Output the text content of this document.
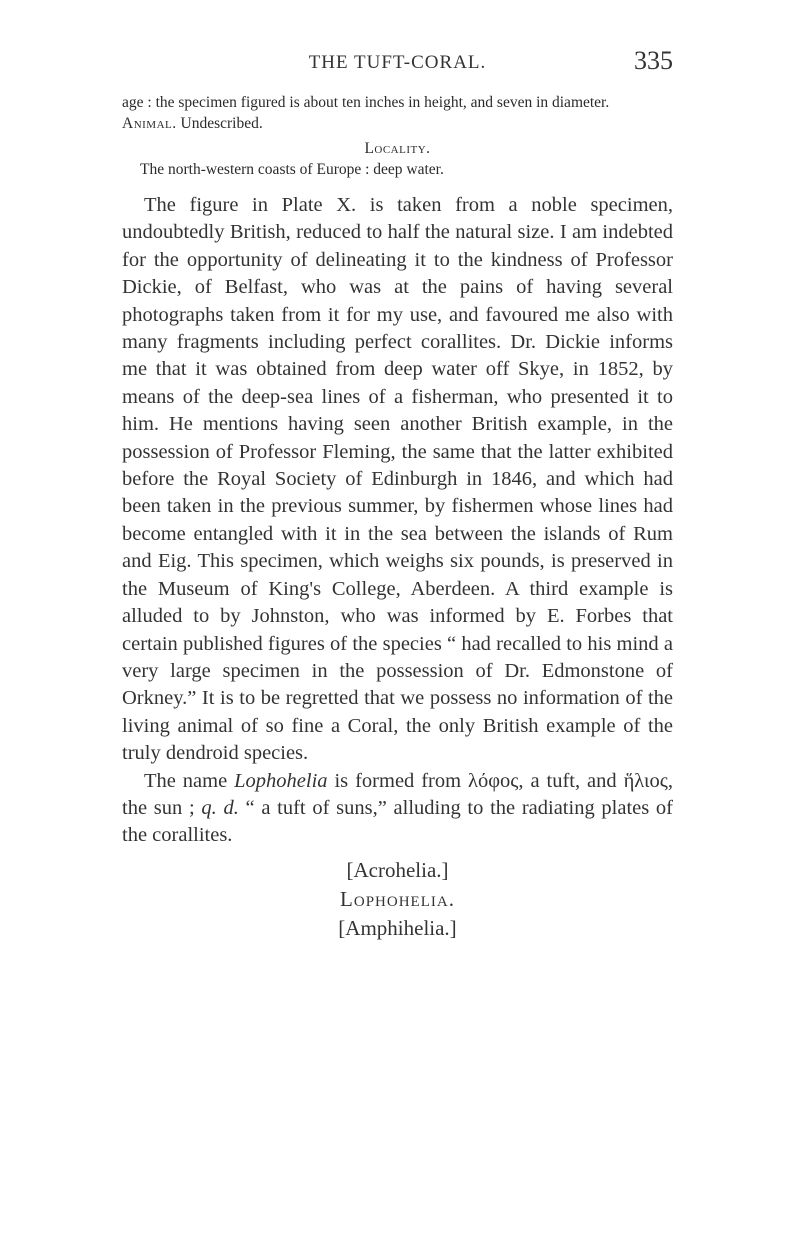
THE TUFT-CORAL.	335

age : the specimen figured is about ten inches in height, and seven in diameter.

Animal. Undescribed.

Locality.

The north-western coasts of Europe : deep water.

The figure in Plate X. is taken from a noble specimen, undoubtedly British, reduced to half the natural size. I am indebted for the opportunity of delineating it to the kindness of Professor Dickie, of Belfast, who was at the pains of having several photographs taken from it for my use, and favoured me also with many fragments including perfect corallites. Dr. Dickie informs me that it was obtained from deep water off Skye, in 1852, by means of the deep-sea lines of a fisherman, who presented it to him. He mentions having seen another British example, in the possession of Professor Fleming, the same that the latter exhibited before the Royal Society of Edinburgh in 1846, and which had been taken in the previous summer, by fishermen whose lines had become entangled with it in the sea between the islands of Rum and Eig. This specimen, which weighs six pounds, is preserved in the Museum of King's College, Aberdeen. A third example is alluded to by Johnston, who was informed by E. Forbes that certain published figures of the species “ had recalled to his mind a very large specimen in the possession of Dr. Edmonstone of Orkney.” It is to be regretted that we possess no information of the living animal of so fine a Coral, the only British example of the truly dendroid species.

The name Lophohelia is formed from λόφος, a tuft, and ἥλιος, the sun ; q. d. “ a tuft of suns,” alluding to the radiating plates of the corallites.

[Acrohelia.]
Lophohelia.
[Amphihelia.]
